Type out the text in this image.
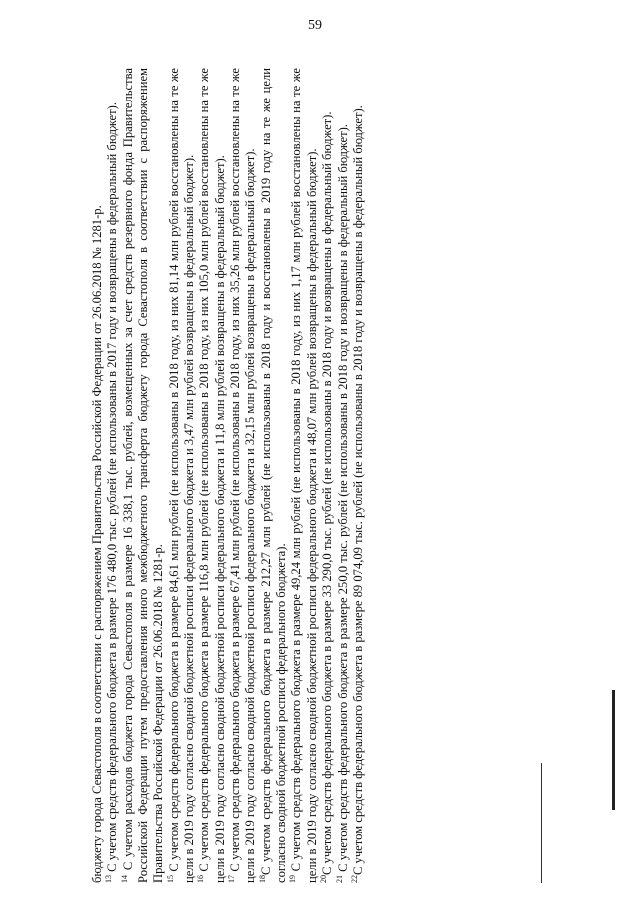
59

бюджету города Севастополя в соответствии с распоряжением Правительства Российской Федерации от 26.06.2018 № 1281-р. $^{13}$ С учетом средств федерального бюджета в размере 176 480,0 тыс. рублей (не использованы в 2017 году и возвращены в федеральный бюджет).

$^{14}$ С учетом расходов бюджета города Севастополя в размере 16 338,1 тыс. рублей, возмещенных за счет средств резервного фонда Правительства Российской Федерации путем предоставления иного межбюджетного трансферта бюджету города Севастополя в соответствии с распоряжением Правительства Российской Федерации от 26.06.2018 № 1281-р. $^{15}$ С учетом средств федерального бюджета в размере 84,61 млн рублей (не использованы в 2018 году, из них 81,14 млн рублей восстановлены на те же цели в 2019 году согласно сводной бюджетной росписи федерального бюджета и 3,47 млн рублей возвращены в федеральный бюджет). $^{16}$ С учетом средств федерального бюджета в размере 116,8 млн рублей (не использованы в 2018 году, из них 105,0 млн рублей восстановлены на те же цели в 2019 году согласно сводной бюджетной росписи федерального бюджета и 11,8 млн рублей возвращены в федеральный бюджет). $^{17}$ С учетом средств федерального бюджета в размере 67,41 млн рублей (не использованы в 2018 году, из них 35,26 млн рублей восстановлены на те же цели в 2019 году согласно сводной бюджетной росписи федерального бюджета и 32,15 млн рублей возвращены в федеральный бюджет). $^{18}$С учетом средств федерального бюджета в размере 212,27 млн рублей (не использованы в 2018 году и восстановлены в 2019 году на те же цели согласно сводной бюджетной росписи федерального бюджета). $^{19}$ С учетом средств федерального бюджета в размере 49,24 млн рублей (не использованы в 2018 году, из них 1,17 млн рублей восстановлены на те же цели в 2019 году согласно сводной бюджетной росписи федерального бюджета и 48,07 млн рублей возвращены в федеральный бюджет). $^{20}$С учетом средств федерального бюджета в размере 33 290,0 тыс. рублей (не использованы в 2018 году и возвращены в федеральный бюджет).

$^{21}$ С учетом средств федерального бюджета в размере 250,0 тыс. рублей (не использованы в 2018 году и возвращены в федеральный бюджет).

$^{22}$С учетом средств федерального бюджета в размере 89 074,09 тыс. рублей (не использованы в 2018 году и возвращены в федеральный бюджет).
